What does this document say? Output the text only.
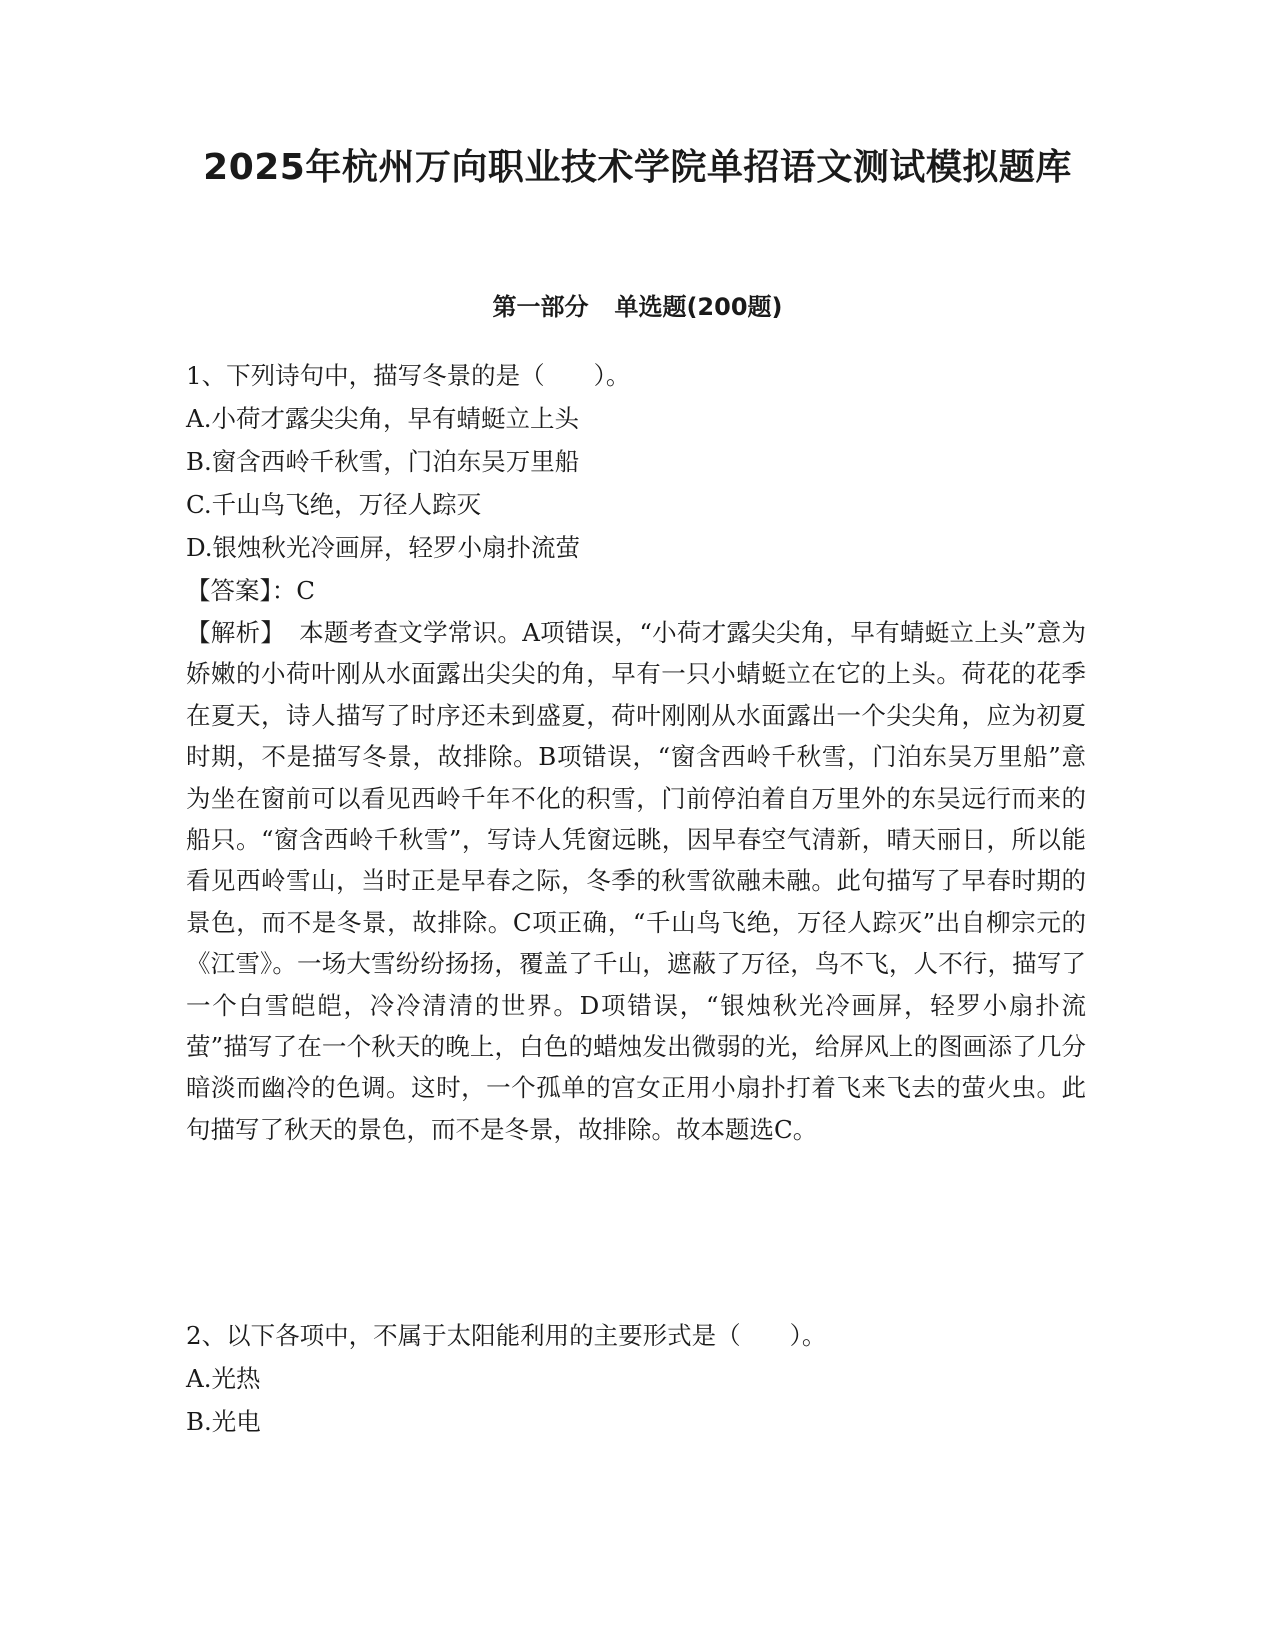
2025年杭州万向职业技术学院单招语文测试模拟题库
第一部分 单选题(200题)

1、下列诗句中，描写冬景的是（　　）。

A.小荷才露尖尖角，早有蜻蜓立上头

B.窗含西岭千秋雪，门泊东吴万里船

C.千山鸟飞绝，万径人踪灭

D.银烛秋光冷画屏，轻罗小扇扑流萤

【答案】：C

【解析】 本题考查文学常识。A项错误，“小荷才露尖尖角，早有蜻蜓立上头”意为娇嫩的小荷叶刚从水面露出尖尖的角，早有一只小蜻蜓立在它的上头。荷花的花季在夏天，诗人描写了时序还未到盛夏，荷叶刚刚从水面露出一个尖尖角，应为初夏时期，不是描写冬景，故排除。B项错误，“窗含西岭千秋雪，门泊东吴万里船”意为坐在窗前可以看见西岭千年不化的积雪，门前停泊着自万里外的东吴远行而来的船只。“窗含西岭千秋雪”，写诗人凭窗远眺，因早春空气清新，晴天丽日，所以能看见西岭雪山，当时正是早春之际，冬季的秋雪欲融未融。此句描写了早春时期的景色，而不是冬景，故排除。C项正确，“千山鸟飞绝，万径人踪灭”出自柳宗元的《江雪》。一场大雪纷纷扬扬，覆盖了千山，遮蔽了万径，鸟不飞，人不行，描写了一个白雪皑皑，冷冷清清的世界。D项错误，“银烛秋光冷画屏，轻罗小扇扑流萤”描写了在一个秋天的晚上，白色的蜡烛发出微弱的光，给屏风上的图画添了几分暗淡而幽冷的色调。这时，一个孤单的宫女正用小扇扑打着飞来飞去的萤火虫。此句描写了秋天的景色，而不是冬景，故排除。故本题选C。

2、以下各项中，不属于太阳能利用的主要形式是（　　）。

A.光热

B.光电
